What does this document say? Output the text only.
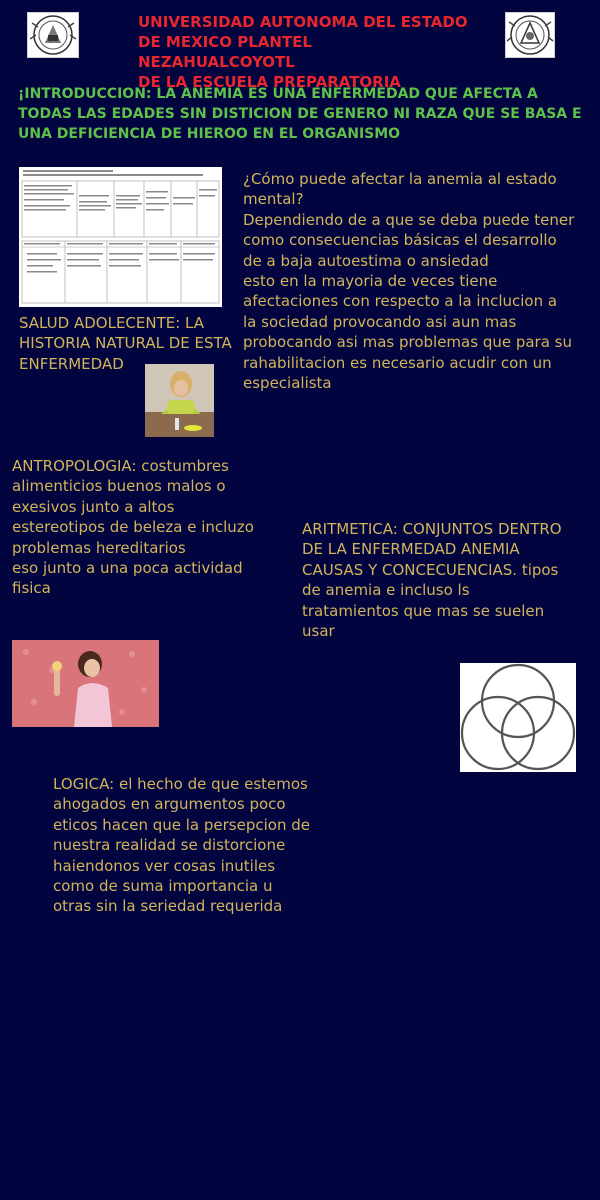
UNIVERSIDAD AUTONOMA DEL ESTADO
DE MEXICO PLANTEL NEZAHUALCOYOTL
DE LA ESCUELA PREPARATORIA
¡INTRODUCCION: LA ANEMIA ES UNA ENFERMEDAD QUE AFECTA A TODAS LAS EDADES SIN DISTICION DE GENERO NI RAZA QUE SE BASA E UNA DEFICIENCIA DE HIEROO EN EL ORGANISMO
SALUD ADOLECENTE: LA HISTORIA NATURAL DE ESTA ENFERMEDAD
¿Cómo puede afectar la anemia al estado mental?
Dependiendo de a que se deba puede tener como consecuencias básicas el desarrollo de a baja autoestima o ansiedad
esto en la mayoria de veces tiene afectaciones con respecto a la inclucion a la sociedad provocando asi aun mas probocando asi mas problemas que para su rahabilitacion es necesario acudir con un especialista
ANTROPOLOGIA: costumbres alimenticios buenos malos o exesivos junto a altos estereotipos de beleza e incluzo problemas hereditarios
eso junto a una poca actividad fisica
ARITMETICA: CONJUNTOS DENTRO DE LA ENFERMEDAD ANEMIA CAUSAS Y CONCECUENCIAS. tipos de anemia e incluso ls tratamientos que mas se suelen usar
LOGICA: el hecho de que estemos ahogados en argumentos poco eticos hacen que la persepcion de nuestra realidad se distorcione haiendonos ver cosas inutiles como de suma importancia u otras sin la seriedad requerida
